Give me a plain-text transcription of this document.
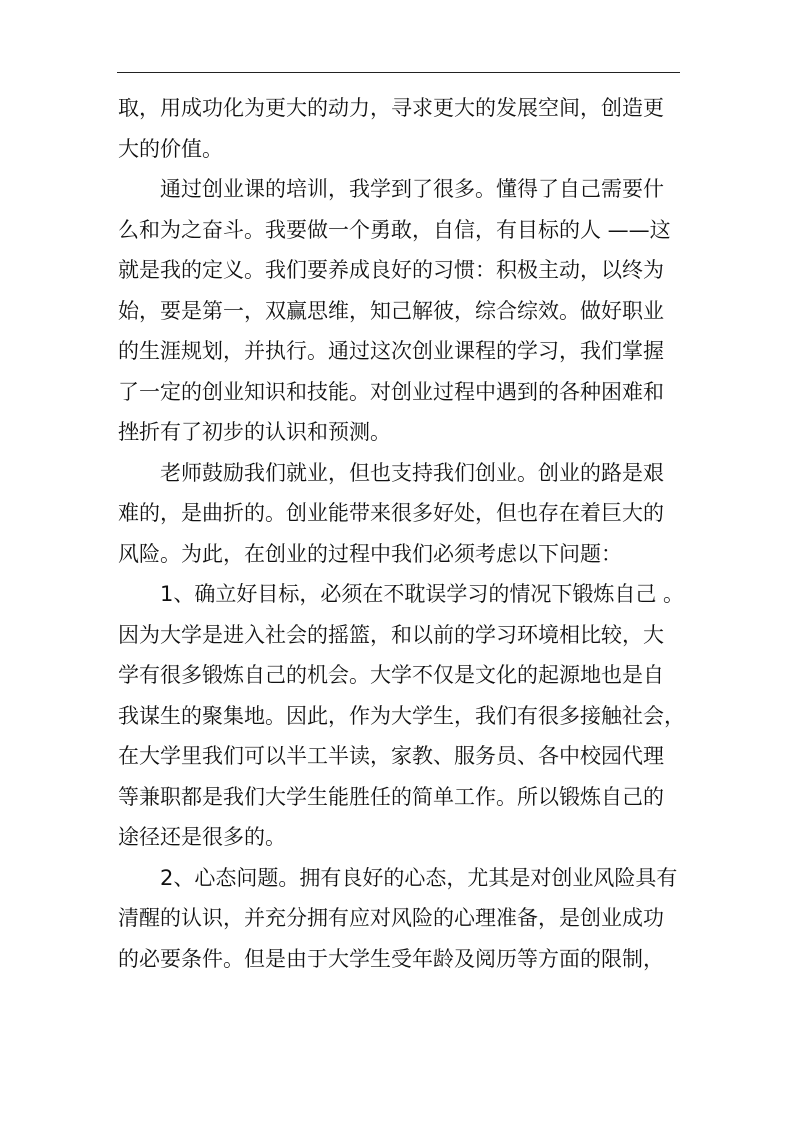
取，用成功化为更大的动力，寻求更大的发展空间，创造更
大的价值。
通过创业课的培训，我学到了很多。懂得了自己需要什
么和为之奋斗。我要做一个勇敢，自信，有目标的人 ——这
就是我的定义。我们要养成良好的习惯：积极主动，以终为
始，要是第一，双赢思维，知己解彼，综合综效。做好职业
的生涯规划，并执行。通过这次创业课程的学习，我们掌握
了一定的创业知识和技能。对创业过程中遇到的各种困难和
挫折有了初步的认识和预测。
老师鼓励我们就业，但也支持我们创业。创业的路是艰
难的，是曲折的。创业能带来很多好处，但也存在着巨大的
风险。为此，在创业的过程中我们必须考虑以下问题：
1、确立好目标，必须在不耽误学习的情况下锻炼自己 。
因为大学是进入社会的摇篮，和以前的学习环境相比较，大
学有很多锻炼自己的机会。大学不仅是文化的起源地也是自
我谋生的聚集地。因此，作为大学生，我们有很多接触社会，
在大学里我们可以半工半读，家教、服务员、各中校园代理
等兼职都是我们大学生能胜任的简单工作。所以锻炼自己的
途径还是很多的。
2、心态问题。拥有良好的心态，尤其是对创业风险具有
清醒的认识，并充分拥有应对风险的心理准备，是创业成功
的必要条件。但是由于大学生受年龄及阅历等方面的限制，
